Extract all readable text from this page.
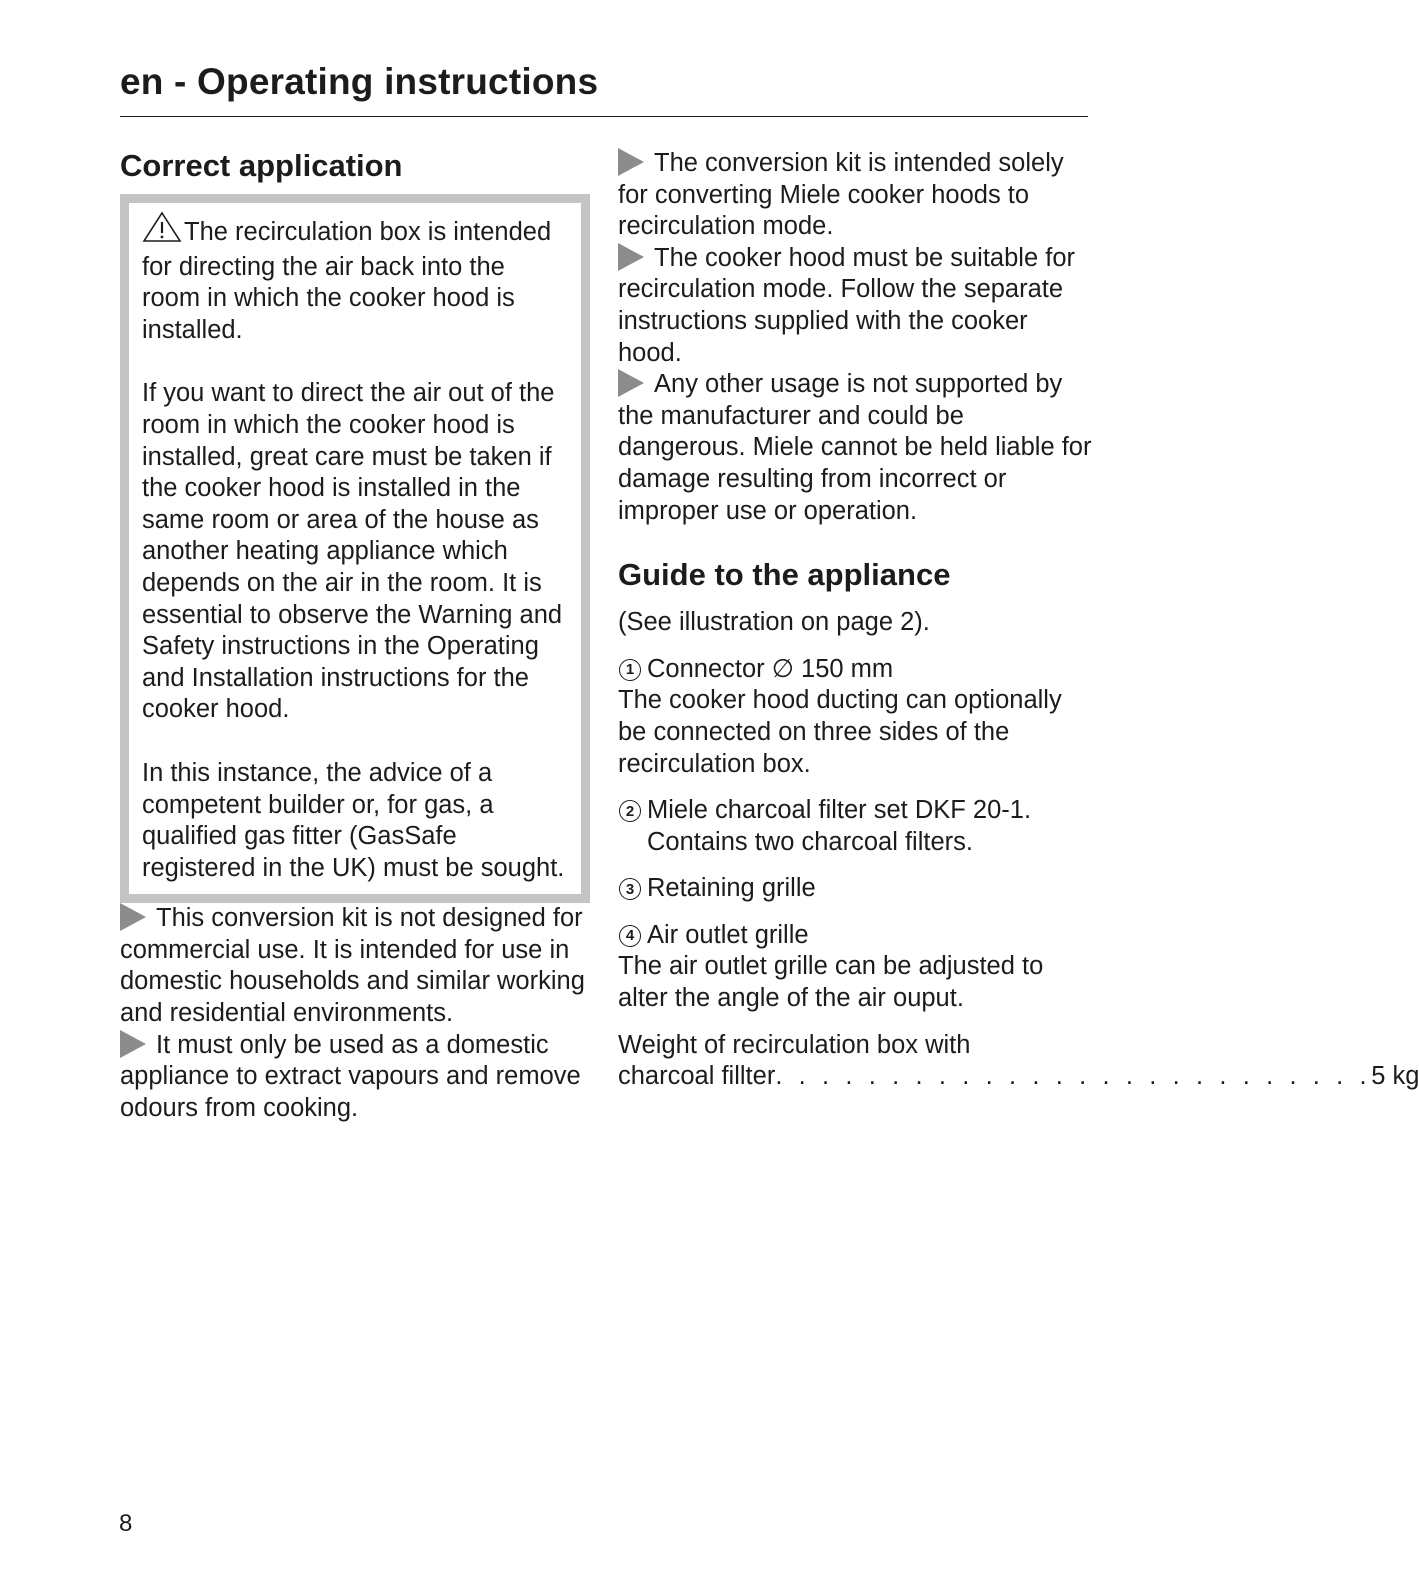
en - Operating instructions
Correct application

The recirculation box is intended for directing the air back into the room in which the cooker hood is installed.

If you want to direct the air out of the room in which the cooker hood is installed, great care must be taken if the cooker hood is installed in the same room or area of the house as another heating appliance which depends on the air in the room. It is essential to observe the Warning and Safety instructions in the Operating and Installation instructions for the cooker hood.

In this instance, the advice of a competent builder or, for gas, a qualified gas fitter (GasSafe registered in the UK) must be sought.

This conversion kit is not designed for commercial use. It is intended for use in domestic households and similar working and residential environments.

It must only be used as a domestic appliance to extract vapours and remove odours from cooking.

The conversion kit is intended solely for converting Miele cooker hoods to recirculation mode.

The cooker hood must be suitable for recirculation mode. Follow the separate instructions supplied with the cooker hood.

Any other usage is not supported by the manufacturer and could be dangerous. Miele cannot be held liable for damage resulting from incorrect or improper use or operation.

Guide to the appliance

(See illustration on page 2).

1 Connector ∅ 150 mm

The cooker hood ducting can optionally be connected on three sides of the recirculation box.

2 Miele charcoal filter set DKF 20-1. Contains two charcoal filters.

3 Retaining grille

4 Air outlet grille

The air outlet grille can be adjusted to alter the angle of the air ouput.

Weight of recirculation box with

charcoal fillter . . . . . . . . . . . . . . . . . . . . . . . . . . 5 kg

8
